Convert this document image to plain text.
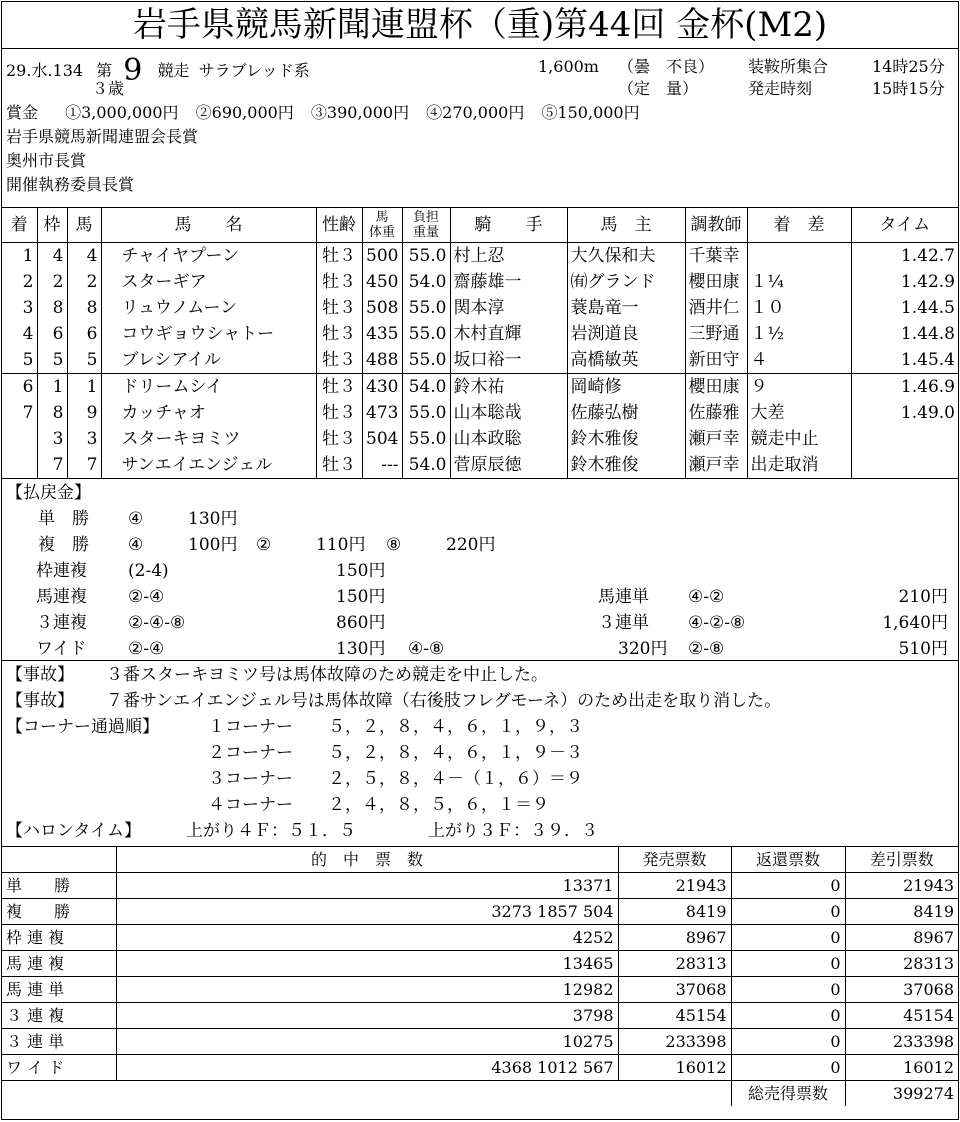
岩手県競馬新聞連盟杯（重)第44回 金杯(M2)
29.水.134 第 9 競走 サラブレッド系
３歳
1,600m （曇　不良）
（定　量）
装鞍所集合	14時25分
発走時刻	15時15分
賞金 ①3,000,000円 ②690,000円 ③390,000円 ④270,000円 ⑤150,000円
岩手県競馬新聞連盟会長賞
奥州市長賞
開催執務委員長賞
着	枠	馬	馬　　名	性齢	馬
体重	負担
重量	騎　　手	馬　主	調教師	着　差	タイム
1	4	4	チャイヤプーン	牡３	500	55.0	村上忍	大久保和夫	千葉幸		1.42.7
2	2	2	スターギア	牡３	450	54.0	齋藤雄一	㈲グランド	櫻田康	１¼	1.42.9
3	8	8	リュウノムーン	牡３	508	55.0	関本淳	蓑島竜一	酒井仁	１０	1.44.5
4	6	6	コウギョウシャトー	牡３	435	55.0	木村直輝	岩渕道良	三野通	１½	1.44.8
5	5	5	ブレシアイル	牡３	488	55.0	坂口裕一	高橋敏英	新田守	４	1.45.4
6	1	1	ドリームシイ	牡３	430	54.0	鈴木祐	岡崎修	櫻田康	９	1.46.9
7	8	9	カッチャオ	牡３	473	55.0	山本聡哉	佐藤弘樹	佐藤雅	大差	1.49.0
	3	3	スターキヨミツ	牡３	504	55.0	山本政聡	鈴木雅俊	瀬戸幸	競走中止	
	7	7	サンエイエンジェル	牡３	---	54.0	菅原辰徳	鈴木雅俊	瀬戸幸	出走取消	
【払戻金】
単　勝 ④	130円
複　勝 ④	100円 ②	110円 ⑧	220円
枠連複 (2-4)	150円
馬連複 ②-④	150円	馬連単 ④-②	210円
３連複 ②-④-⑧	860円	３連単 ④-②-⑧	1,640円
ワイド ②-④	130円 ④-⑧	320円 ②-⑧	510円
【事故】 ３番スターキヨミツ号は馬体故障のため競走を中止した。
【事故】 ７番サンエイエンジェル号は馬体故障（右後肢フレグモーネ）のため出走を取り消した。
【コーナー通過順】	１コーナー ５，２，８，４，６，１，９，３
２コーナー ５，２，８，４，６，１，９－３
３コーナー ２，５，８，４－（１，６）＝９
４コーナー ２，４，８，５，６，１＝９
【ハロンタイム】	上がり４Ｆ：５１．５	上がり３Ｆ：３９．３
	的　中　票　数	発売票数	返還票数	差引票数
単　　勝	13371	21943	0	21943
複　　勝	3273 1857 504	8419	0	8419
枠 連 複	4252	8967	0	8967
馬 連 複	13465	28313	0	28313
馬 連 単	12982	37068	0	37068
３ 連 複	3798	45154	0	45154
３ 連 単	10275	233398	0	233398
ワ イ ド	4368 1012 567	16012	0	16012
			総売得票数	399274
